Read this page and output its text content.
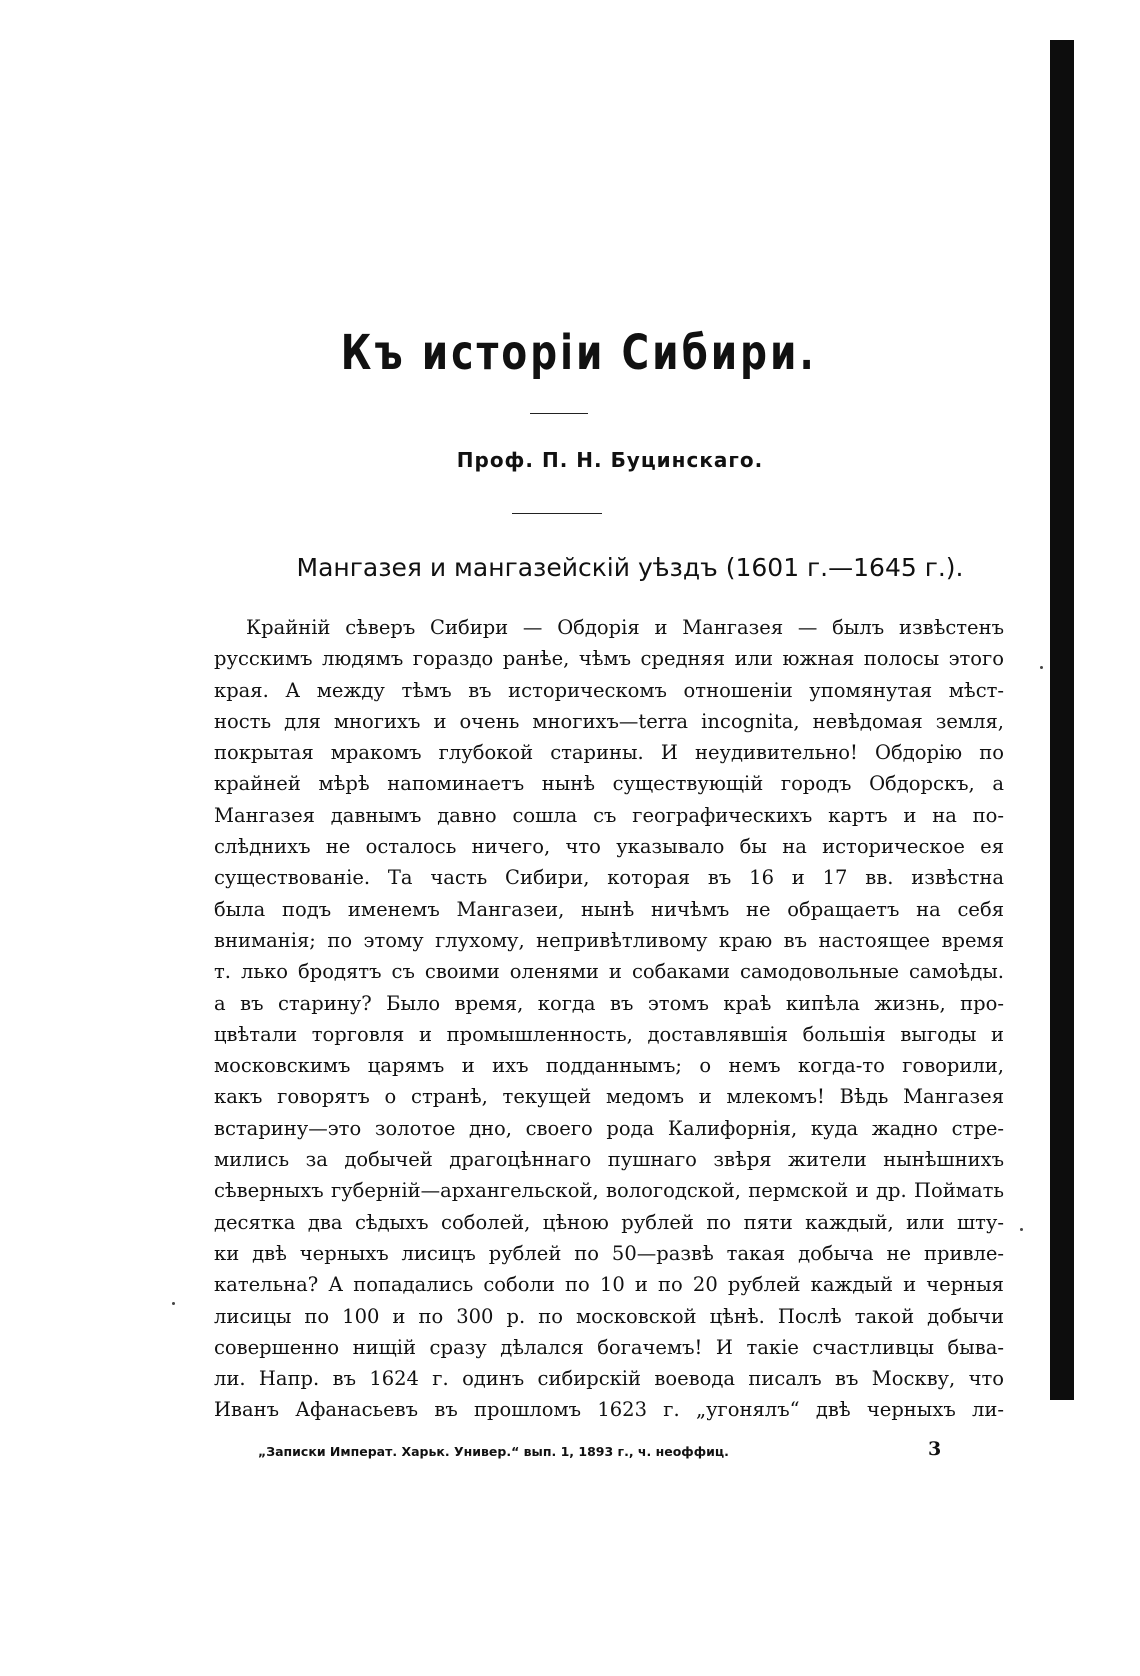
Къ исторіи Сибири.
Проф. П. Н. Буцинскаго.
Мангазея и мангазейскій уѣздъ (1601 г.—1645 г.).
Крайній сѣверъ Сибири — Обдорія и Мангазея — былъ извѣстенъ
русскимъ людямъ гораздо ранѣе, чѣмъ средняя или южная полосы этого
края. А между тѣмъ въ историческомъ отношеніи упомянутая мѣст-
ность для многихъ и очень многихъ—terra incognita, невѣдомая земля,
покрытая мракомъ глубокой старины. И неудивительно! Обдорію по
крайней мѣрѣ напоминаетъ нынѣ существующій городъ Обдорскъ, а
Мангазея давнымъ давно сошла съ географическихъ картъ и на по-
слѣднихъ не осталось ничего, что указывало бы на историческое ея
существованіе. Та часть Сибири, которая въ 16 и 17 вв. извѣстна
была подъ именемъ Мангазеи, нынѣ ничѣмъ не обращаетъ на себя
вниманія; по этому глухому, непривѣтливому краю въ настоящее время
т. лько бродятъ съ своими оленями и собаками самодовольные самоѣды.
а въ старину? Было время, когда въ этомъ краѣ кипѣла жизнь, про-
цвѣтали торговля и промышленность, доставлявшія большія выгоды и
московскимъ царямъ и ихъ подданнымъ; о немъ когда-то говорили,
какъ говорятъ о странѣ, текущей медомъ и млекомъ! Вѣдь Мангазея
встарину—это золотое дно, своего рода Калифорнія, куда жадно стре-
мились за добычей драгоцѣннаго пушнаго звѣря жители нынѣшнихъ
сѣверныхъ губерній—архангельской, вологодской, пермской и др. Поймать
десятка два сѣдыхъ соболей, цѣною рублей по пяти каждый, или шту-
ки двѣ черныхъ лисицъ рублей по 50—развѣ такая добыча не привле-
кательна? А попадались соболи по 10 и по 20 рублей каждый и черныя
лисицы по 100 и по 300 р. по московской цѣнѣ. Послѣ такой добычи
совершенно нищій сразу дѣлался богачемъ! И такіе счастливцы быва-
ли. Напр. въ 1624 г. одинъ сибирскій воевода писалъ въ Москву, что
Иванъ Афанасьевъ въ прошломъ 1623 г. „угонялъ“ двѣ черныхъ ли-
„Записки Императ. Харьк. Универ.“ вып. 1, 1893 г., ч. неоффиц.	3
